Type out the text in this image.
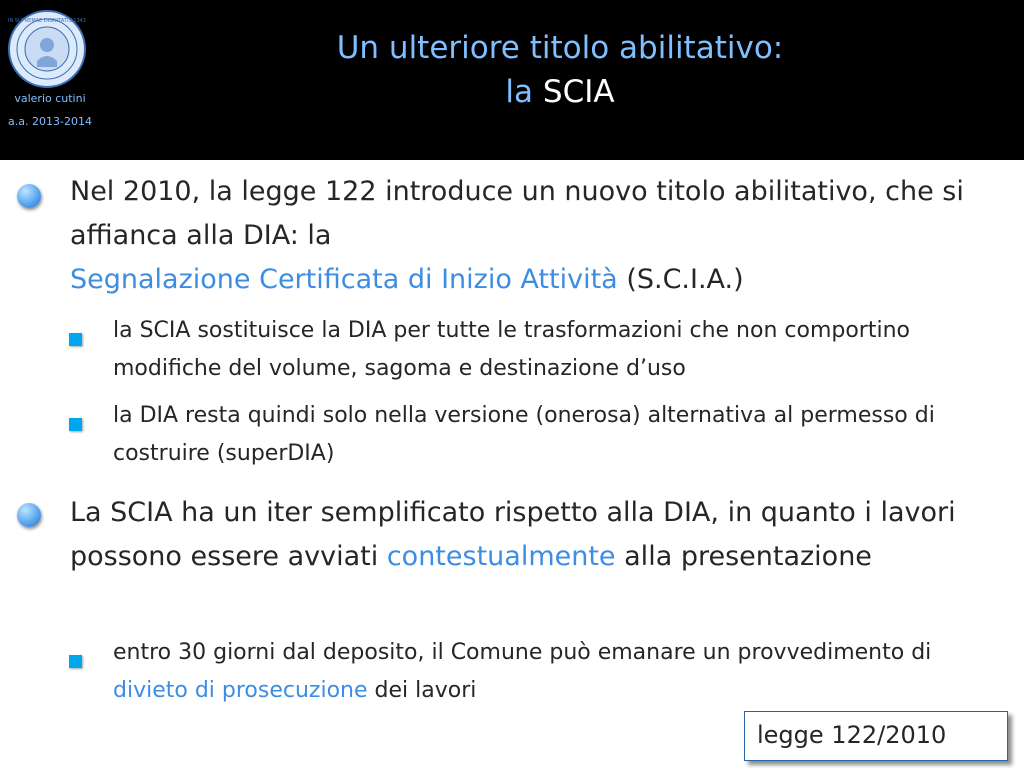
IN SUPREMAE DIGNITATIS 1343
valerio cutini
a.a. 2013-2014
Un ulteriore titolo abilitativo:
la SCIA
Nel 2010, la legge 122 introduce un nuovo titolo abilitativo, che si affianca alla DIA: la
Segnalazione Certificata di Inizio Attività (S.C.I.A.)
la SCIA sostituisce la DIA per tutte le trasformazioni che non comportino modifiche del volume, sagoma e destinazione d’uso
la DIA resta quindi solo nella versione (onerosa) alternativa al permesso di costruire (superDIA)
La SCIA ha un iter semplificato rispetto alla DIA, in quanto i lavori possono essere avviati contestualmente alla presentazione
entro 30 giorni dal deposito, il Comune può emanare un provvedimento di divieto di prosecuzione dei lavori
legge 122/2010
